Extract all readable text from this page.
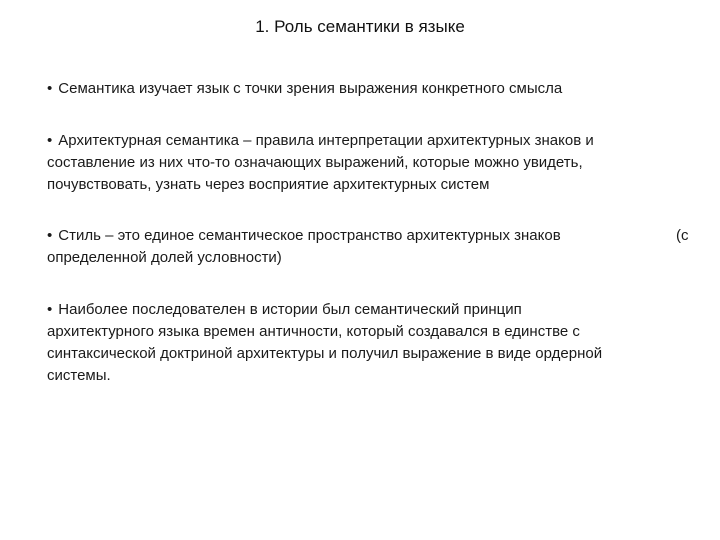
1. Роль семантики в языке
• Семантика изучает язык с точки зрения выражения конкретного смысла
• Архитектурная семантика – правила интерпретации архитектурных знаков и
составление из них что-то означающих выражений, которые можно увидеть,
почувствовать, узнать через восприятие архитектурных систем
• Стиль – это единое семантическое пространство архитектурных знаков
определенной долей условности)
(с
• Наиболее последователен в истории был семантический принцип
архитектурного языка времен античности, который создавался в единстве с
синтаксической доктриной архитектуры и получил выражение в виде ордерной
системы.
